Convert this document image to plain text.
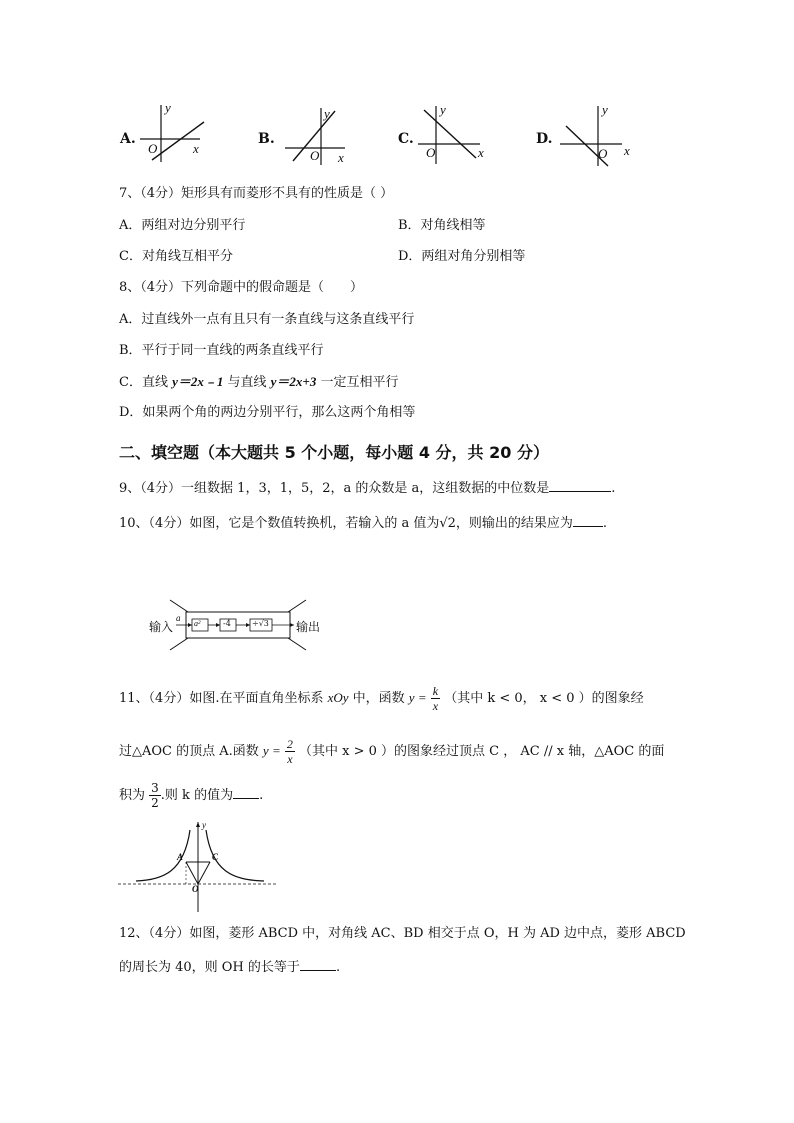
A.
y
O	x
B.
y
O x
C.
y
O	x
D.
y
O x
7、（4分）矩形具有而菱形不具有的性质是（ ）
A．两组对边分别平行	B．对角线相等
C．对角线互相平分	D．两组对角分别相等
8、（4分）下列命题中的假命题是（　　）
A．过直线外一点有且只有一条直线与这条直线平行
B．平行于同一直线的两条直线平行
C．直线 y＝2x﹣1 与直线 y＝2x+3 一定互相平行
D．如果两个角的两边分别平行，那么这两个角相等
二、填空题（本大题共 5 个小题，每小题 4 分，共 20 分）
9、（4分）一组数据 1，3，1，5，2，a 的众数是 a，这组数据的中位数是	.
10、（4分）如图，它是个数值转换机，若输入的 a 值为√2，则输出的结果应为 .
输入
a
a²	-4	÷√3 输出
11、（4分）如图.在平面直角坐标系 xOy 中，函数 $y = \frac{k}{x}$ （其中 k < 0， x < 0 ）的图象经
过△AOC 的顶点 A.函数 $y = \frac{2}{x}$ （其中 x > 0 ）的图象经过顶点 C ， AC // x 轴，△AOC 的面
积为 $\frac{3}{2}$ .则 k 的值为 .
y
A	C
O
12、（4分）如图，菱形 ABCD 中，对角线 AC、BD 相交于点 O，H 为 AD 边中点，菱形 ABCD
的周长为 40，则 OH 的长等于	.
